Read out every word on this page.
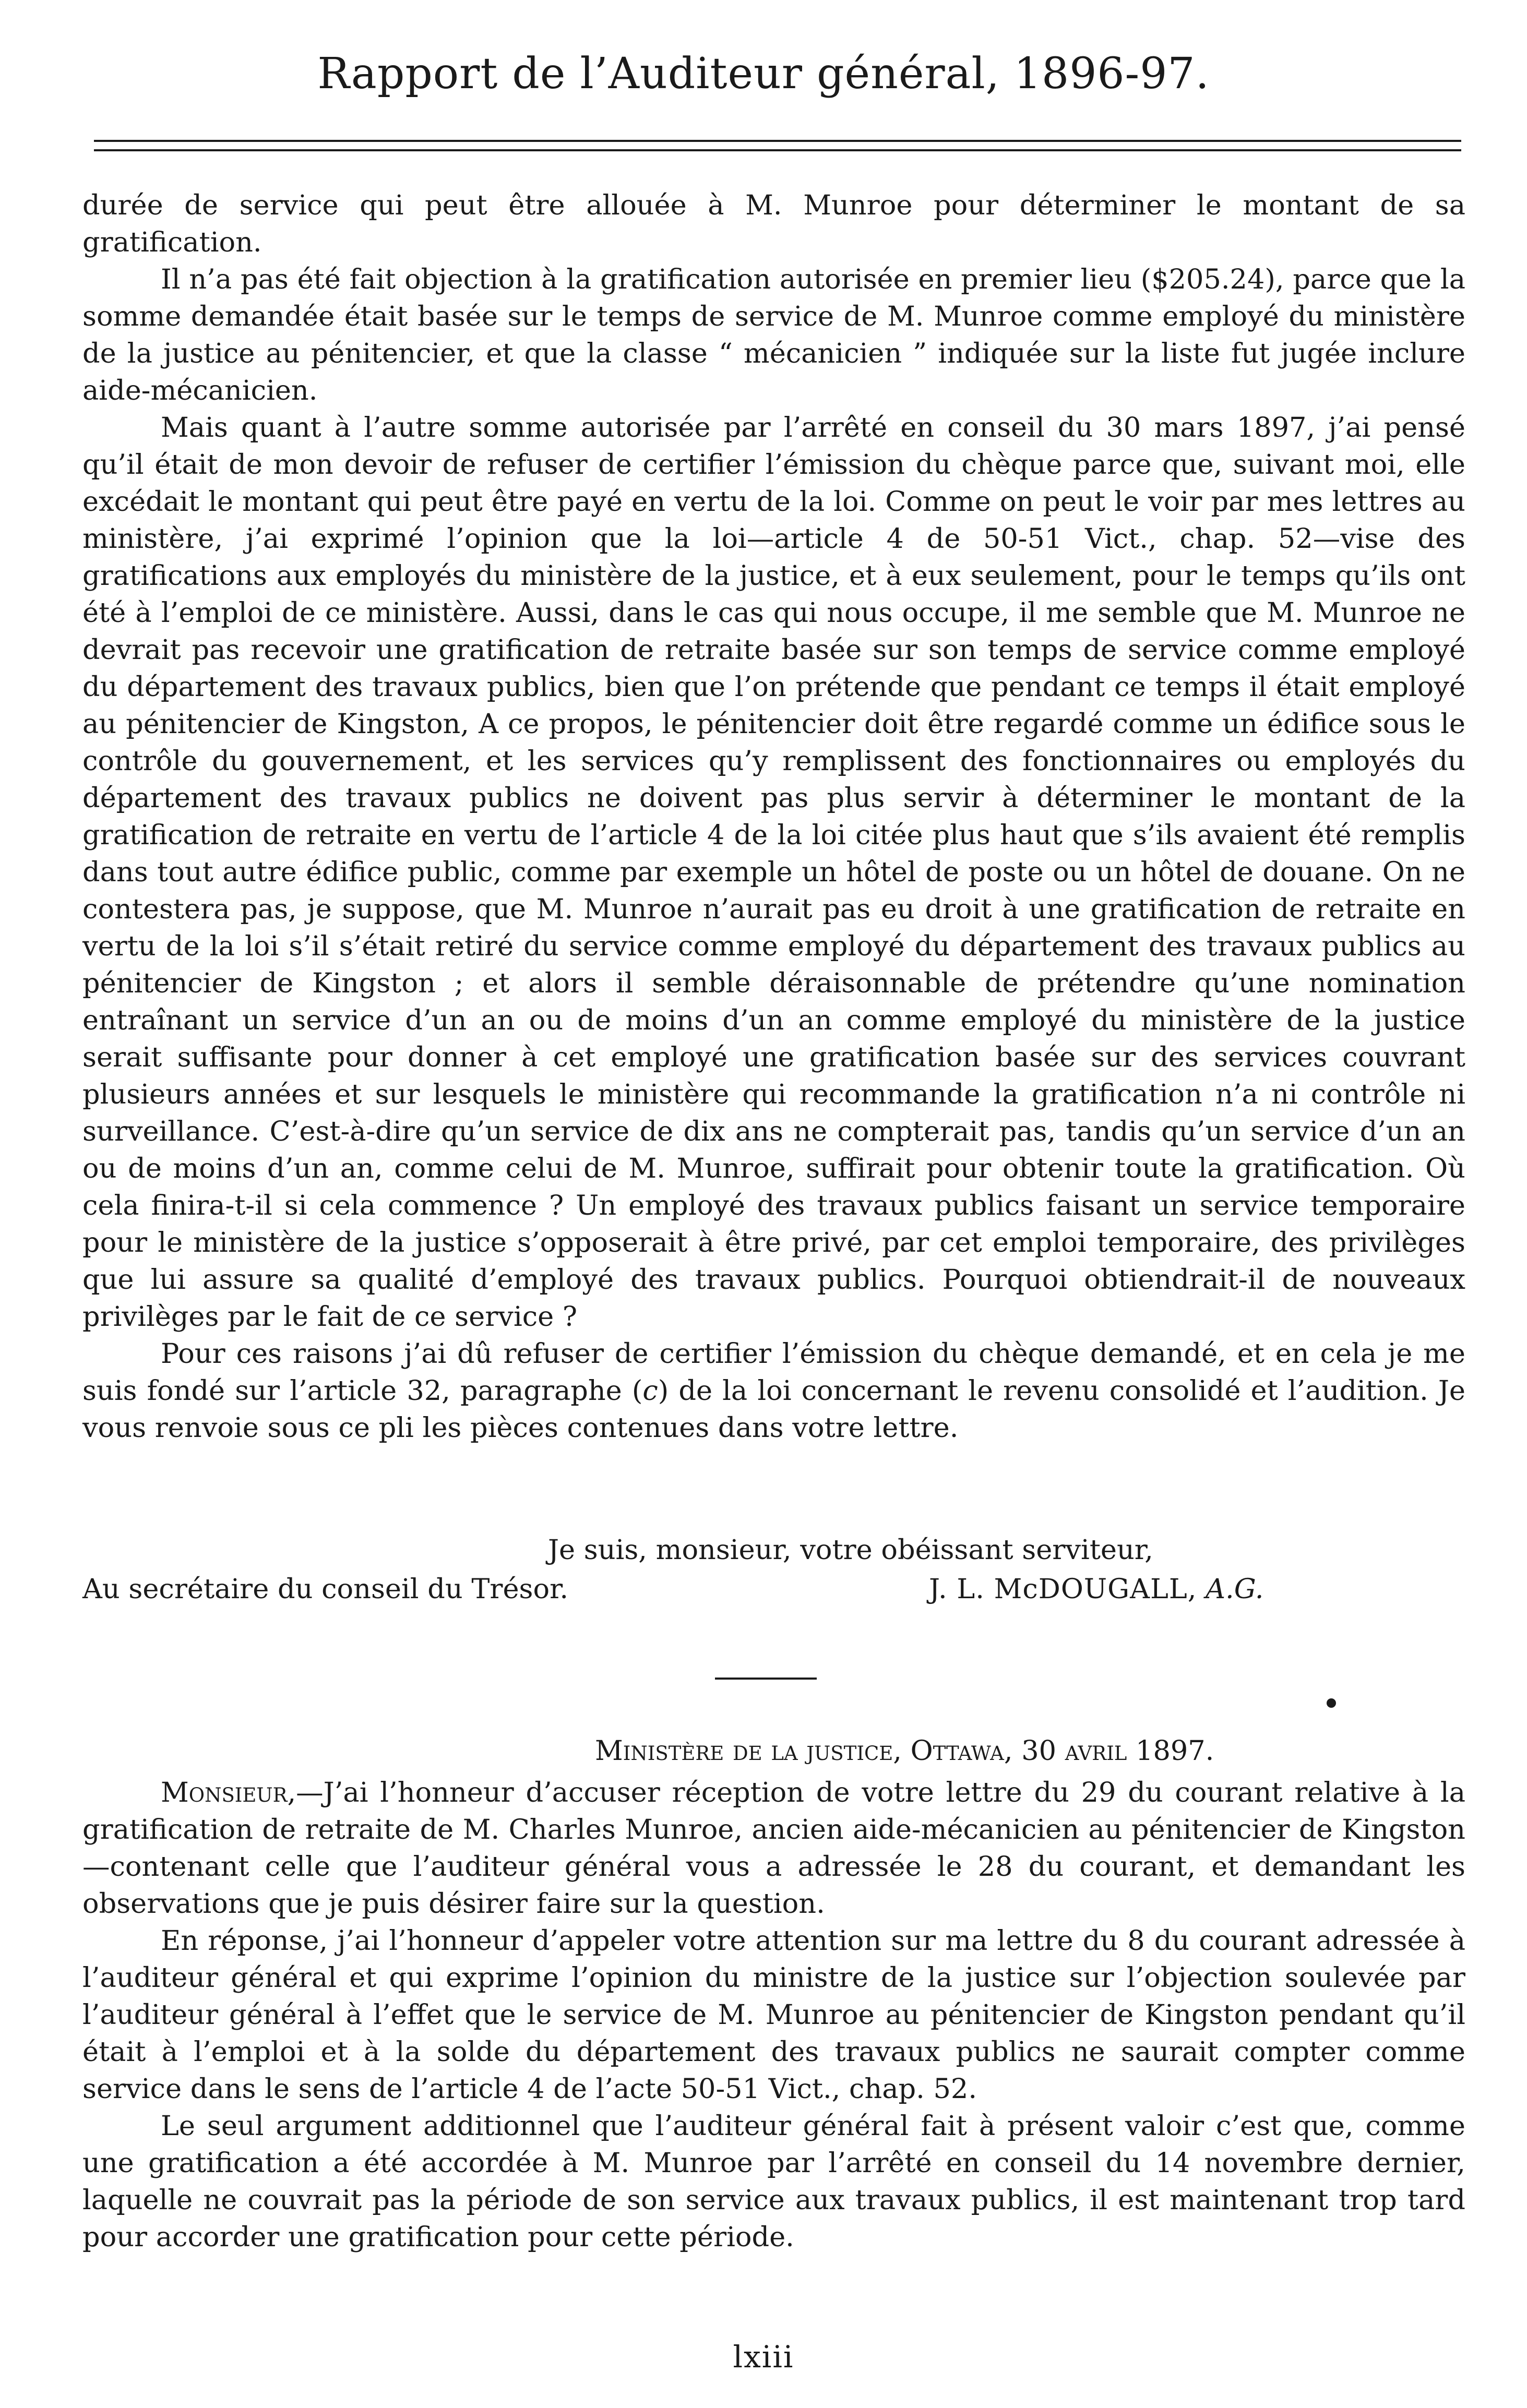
Rapport de l’Auditeur général, 1896-97.

durée de service qui peut être allouée à M. Munroe pour déterminer le montant de sa gratification.

Il n’a pas été fait objection à la gratification autorisée en premier lieu ($205.24), parce que la somme demandée était basée sur le temps de service de M. Munroe comme employé du ministère de la justice au pénitencier, et que la classe “ mécanicien ” indiquée sur la liste fut jugée inclure aide-mécanicien.

Mais quant à l’autre somme autorisée par l’arrêté en conseil du 30 mars 1897, j’ai pensé qu’il était de mon devoir de refuser de certifier l’émission du chèque parce que, suivant moi, elle excédait le montant qui peut être payé en vertu de la loi. Comme on peut le voir par mes lettres au ministère, j’ai exprimé l’opinion que la loi—article 4 de 50-51 Vict., chap. 52—vise des gratifications aux employés du ministère de la justice, et à eux seulement, pour le temps qu’ils ont été à l’emploi de ce ministère. Aussi, dans le cas qui nous occupe, il me semble que M. Munroe ne devrait pas recevoir une gratification de retraite basée sur son temps de service comme employé du département des travaux publics, bien que l’on prétende que pendant ce temps il était employé au pénitencier de Kingston, A ce propos, le pénitencier doit être regardé comme un édifice sous le contrôle du gouvernement, et les services qu’y remplissent des fonctionnaires ou employés du département des travaux publics ne doivent pas plus servir à déterminer le montant de la gratification de retraite en vertu de l’article 4 de la loi citée plus haut que s’ils avaient été remplis dans tout autre édifice public, comme par exemple un hôtel de poste ou un hôtel de douane. On ne contestera pas, je suppose, que M. Munroe n’aurait pas eu droit à une gratification de retraite en vertu de la loi s’il s’était retiré du service comme employé du département des travaux publics au pénitencier de Kingston ; et alors il semble déraisonnable de prétendre qu’une nomination entraînant un service d’un an ou de moins d’un an comme employé du ministère de la justice serait suffisante pour donner à cet employé une gratification basée sur des services couvrant plusieurs années et sur lesquels le ministère qui recommande la gratification n’a ni contrôle ni surveillance. C’est-à-dire qu’un service de dix ans ne compterait pas, tandis qu’un service d’un an ou de moins d’un an, comme celui de M. Munroe, suffirait pour obtenir toute la gratification. Où cela finira-t-il si cela commence ? Un employé des travaux publics faisant un service temporaire pour le ministère de la justice s’opposerait à être privé, par cet emploi temporaire, des privilèges que lui assure sa qualité d’employé des travaux publics. Pourquoi obtiendrait-il de nouveaux privilèges par le fait de ce service ?

Pour ces raisons j’ai dû refuser de certifier l’émission du chèque demandé, et en cela je me suis fondé sur l’article 32, paragraphe (c) de la loi concernant le revenu consolidé et l’audition. Je vous renvoie sous ce pli les pièces contenues dans votre lettre.

Je suis, monsieur, votre obéissant serviteur,
Au secrétaire du conseil du Trésor.	J. L. McDOUGALL, A.G.
Ministère de la justice, Ottawa, 30 avril 1897.

Monsieur,—J’ai l’honneur d’accuser réception de votre lettre du 29 du courant relative à la gratification de retraite de M. Charles Munroe, ancien aide-mécanicien au pénitencier de Kingston—contenant celle que l’auditeur général vous a adressée le 28 du courant, et demandant les observations que je puis désirer faire sur la question.

En réponse, j’ai l’honneur d’appeler votre attention sur ma lettre du 8 du courant adressée à l’auditeur général et qui exprime l’opinion du ministre de la justice sur l’objection soulevée par l’auditeur général à l’effet que le service de M. Munroe au pénitencier de Kingston pendant qu’il était à l’emploi et à la solde du département des travaux publics ne saurait compter comme service dans le sens de l’article 4 de l’acte 50-51 Vict., chap. 52.

Le seul argument additionnel que l’auditeur général fait à présent valoir c’est que, comme une gratification a été accordée à M. Munroe par l’arrêté en conseil du 14 novembre dernier, laquelle ne couvrait pas la période de son service aux travaux publics, il est maintenant trop tard pour accorder une gratification pour cette période.

lxiii
